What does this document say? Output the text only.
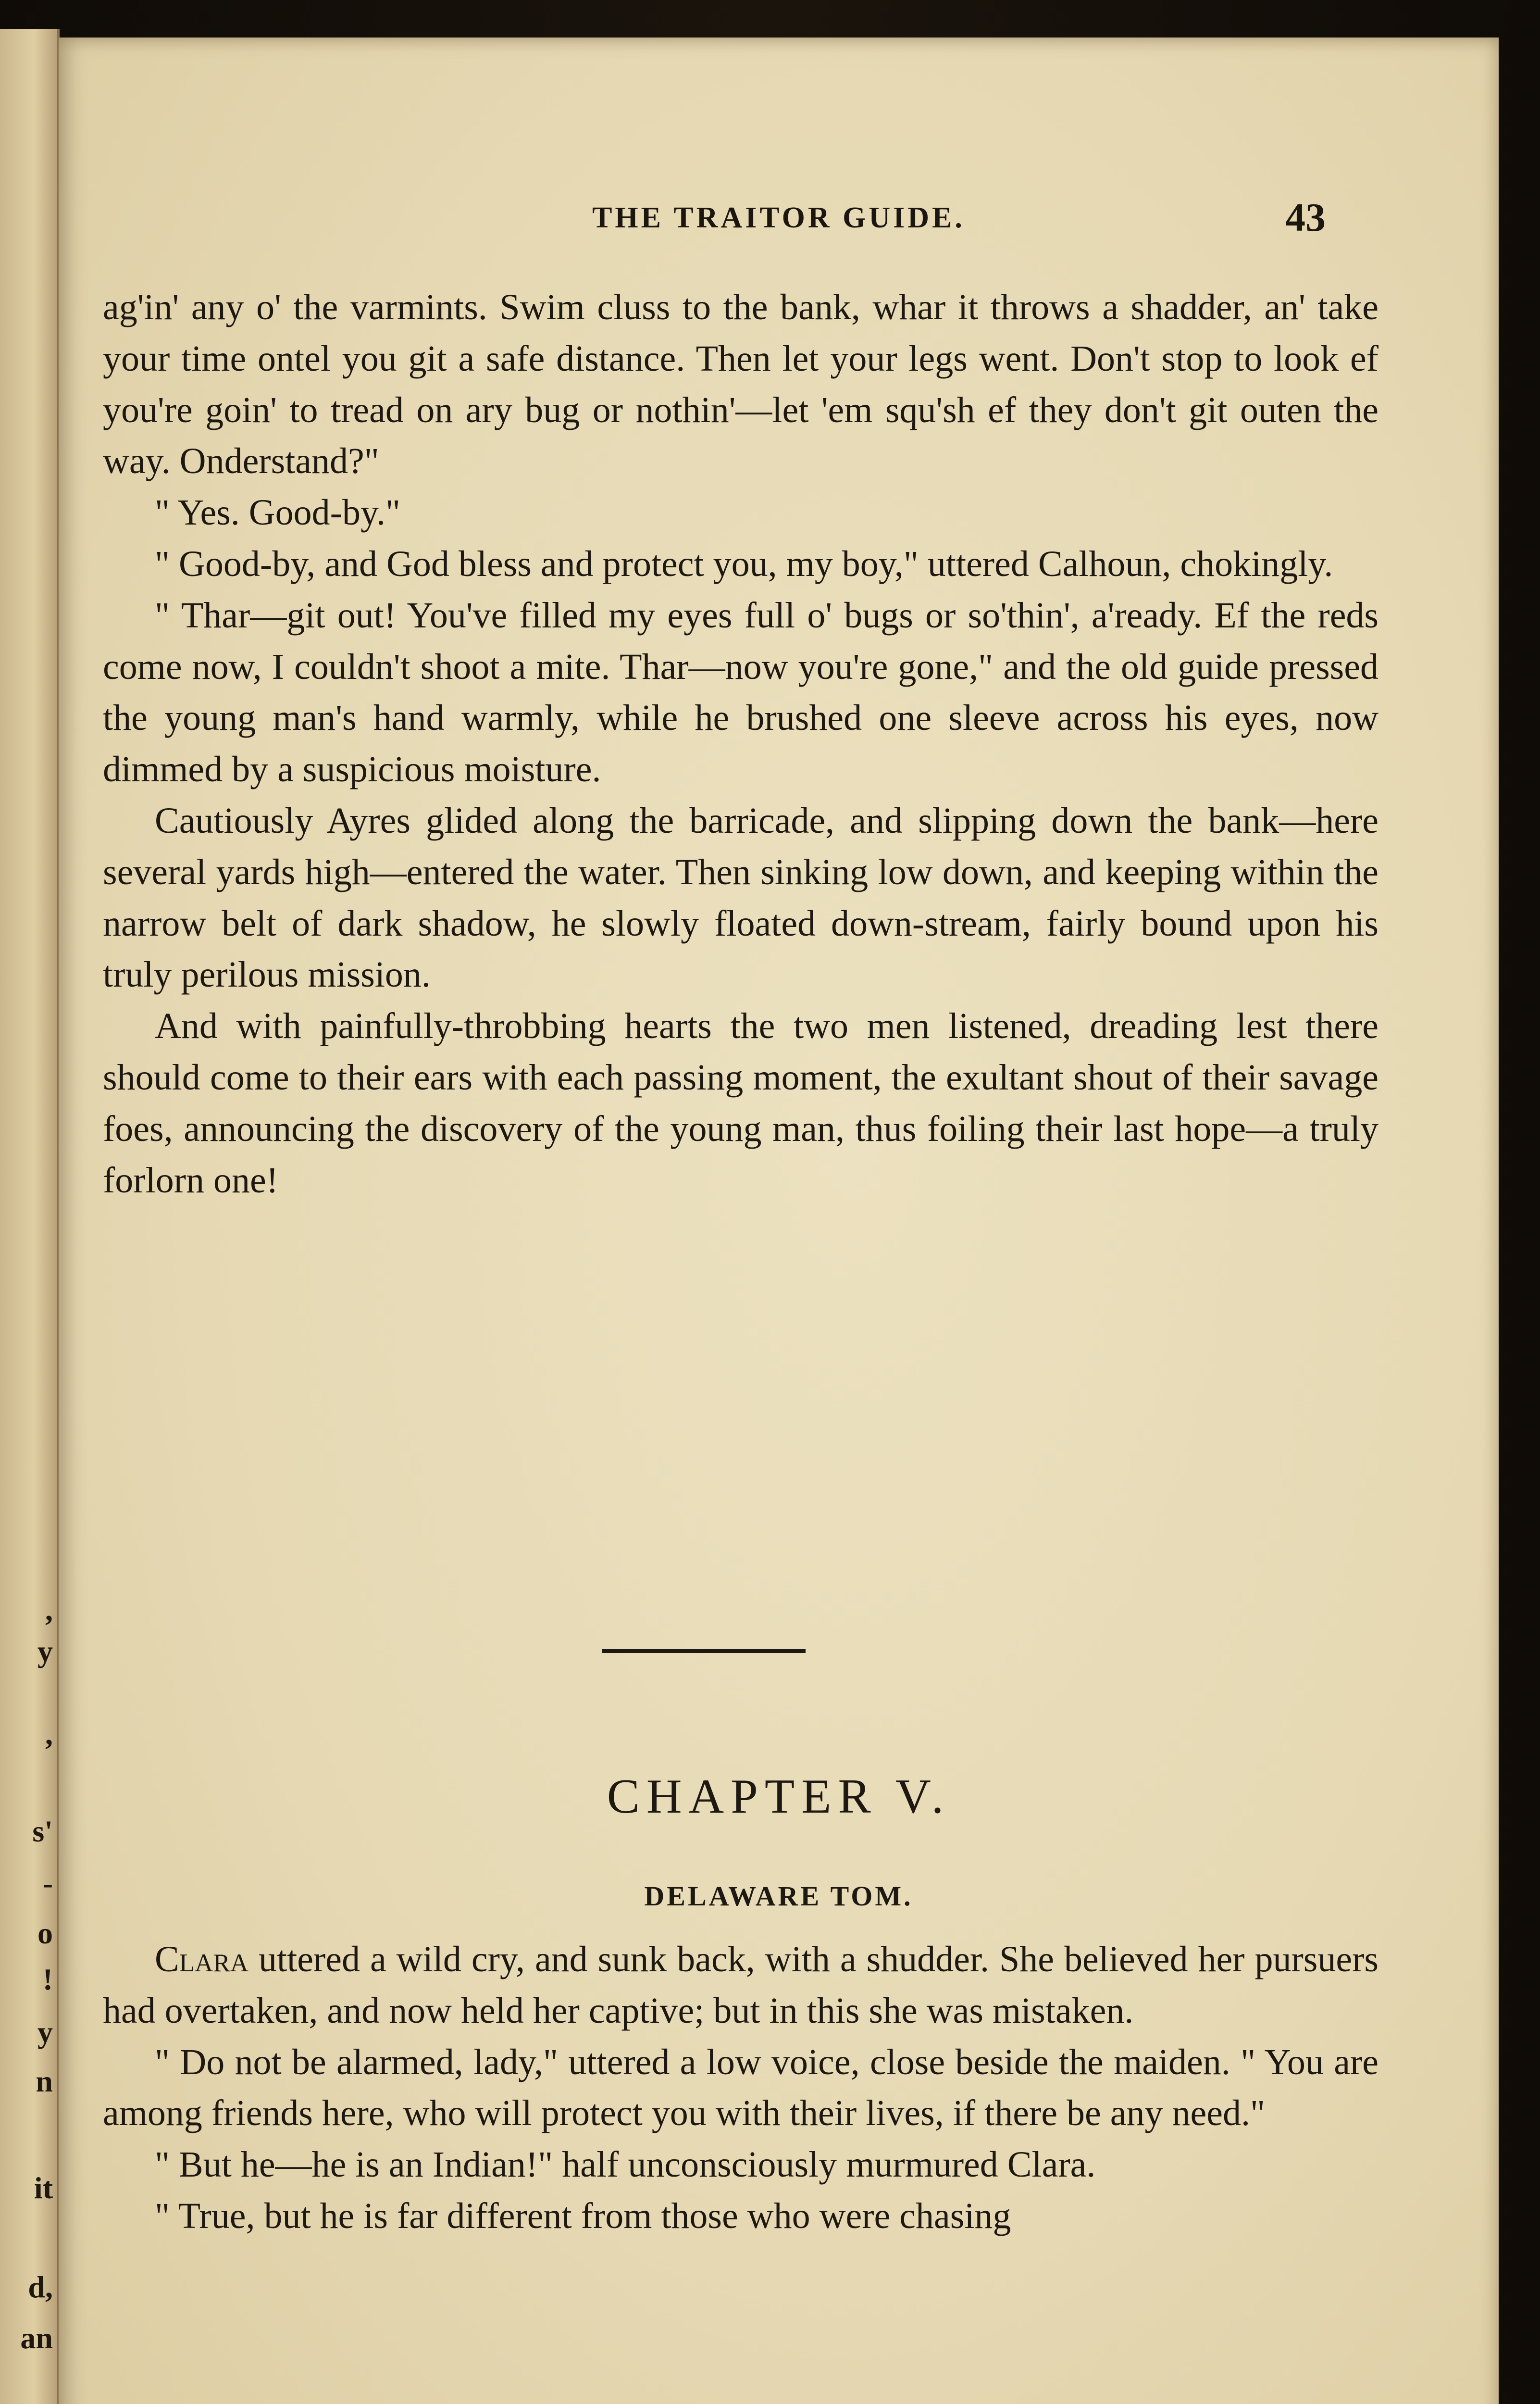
,
y
,
s'
-
o
!
y
n
it
d,
an
THE TRAITOR GUIDE.	43

ag'in' any o' the varmints. Swim cluss to the bank, whar it throws a shadder, an' take your time ontel you git a safe distance. Then let your legs went. Don't stop to look ef you're goin' to tread on ary bug or nothin'—let 'em squ'sh ef they don't git outen the way. Onderstand?"

" Yes. Good-by."

" Good-by, and God bless and protect you, my boy," uttered Calhoun, chokingly.

" Thar—git out! You've filled my eyes full o' bugs or so'thin', a'ready. Ef the reds come now, I couldn't shoot a mite. Thar—now you're gone," and the old guide pressed the young man's hand warmly, while he brushed one sleeve across his eyes, now dimmed by a suspicious moisture.

Cautiously Ayres glided along the barricade, and slipping down the bank—here several yards high—entered the water. Then sinking low down, and keeping within the narrow belt of dark shadow, he slowly floated down-stream, fairly bound upon his truly perilous mission.

And with painfully-throbbing hearts the two men listened, dreading lest there should come to their ears with each passing moment, the exultant shout of their savage foes, announcing the discovery of the young man, thus foiling their last hope—a truly forlorn one!

CHAPTER V.
DELAWARE TOM.

Clara uttered a wild cry, and sunk back, with a shudder. She believed her pursuers had overtaken, and now held her captive; but in this she was mistaken.

" Do not be alarmed, lady," uttered a low voice, close beside the maiden. " You are among friends here, who will protect you with their lives, if there be any need."

" But he—he is an Indian!" half unconsciously murmured Clara.

" True, but he is far different from those who were chasing
